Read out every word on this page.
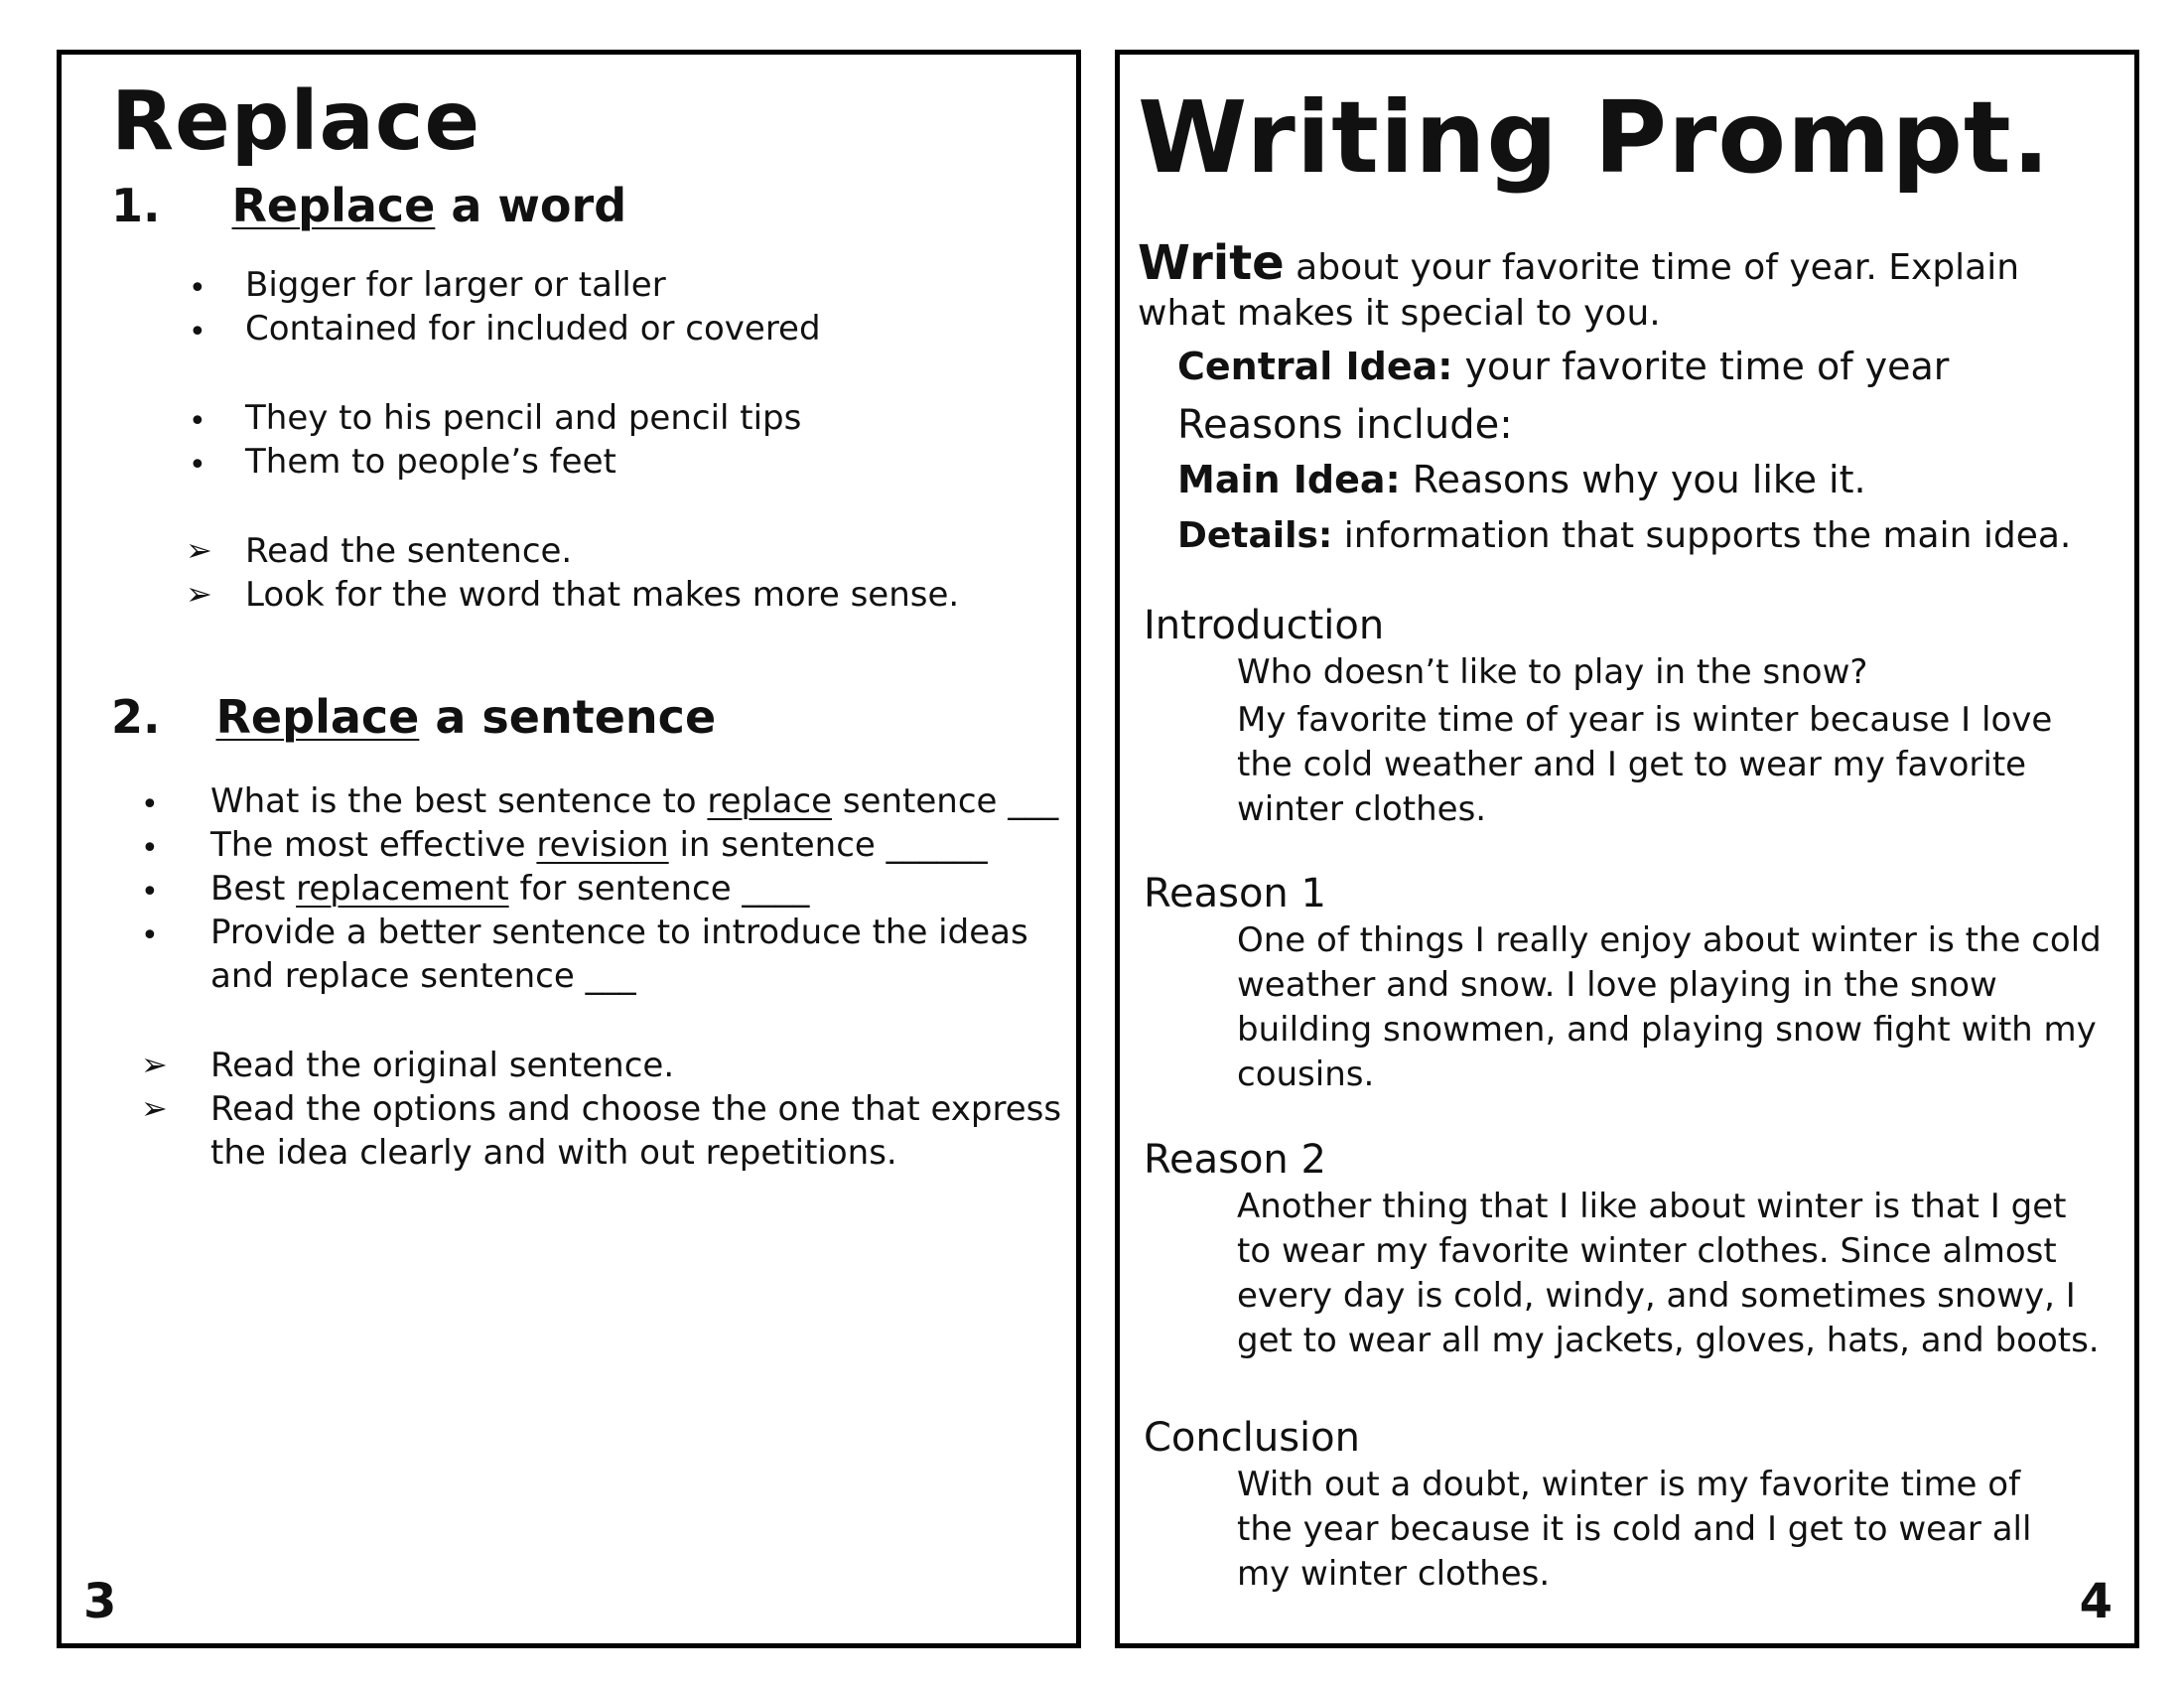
Replace
1. Replace a word
• Bigger for larger or taller
• Contained for included or covered
• They to his pencil and pencil tips
• Them to people’s feet
➢ Read the sentence.
➢ Look for the word that makes more sense.
2. Replace a sentence
• What is the best sentence to replace sentence ___
• The most effective revision in sentence ______
• Best replacement for sentence ____
• Provide a better sentence to introduce the ideas
and replace sentence ___
➢ Read the original sentence.
➢ Read the options and choose the one that express
the idea clearly and with out repetitions.
3
Writing Prompt.
Write about your favorite time of year. Explain
what makes it special to you.
Central Idea: your favorite time of year
Reasons include:
Main Idea: Reasons why you like it.
Details: information that supports the main idea.
Introduction
Who doesn’t like to play in the snow?
My favorite time of year is winter because I love the cold weather and I get to wear my favorite winter clothes.
Reason 1
One of things I really enjoy about winter is the cold weather and snow. I love playing in the snow building snowmen, and playing snow fight with my cousins.
Reason 2
Another thing that I like about winter is that I get to wear my favorite winter clothes. Since almost every day is cold, windy, and sometimes snowy, I get to wear all my jackets, gloves, hats, and boots.
Conclusion
With out a doubt, winter is my favorite time of the year because it is cold and I get to wear all my winter clothes.	4
